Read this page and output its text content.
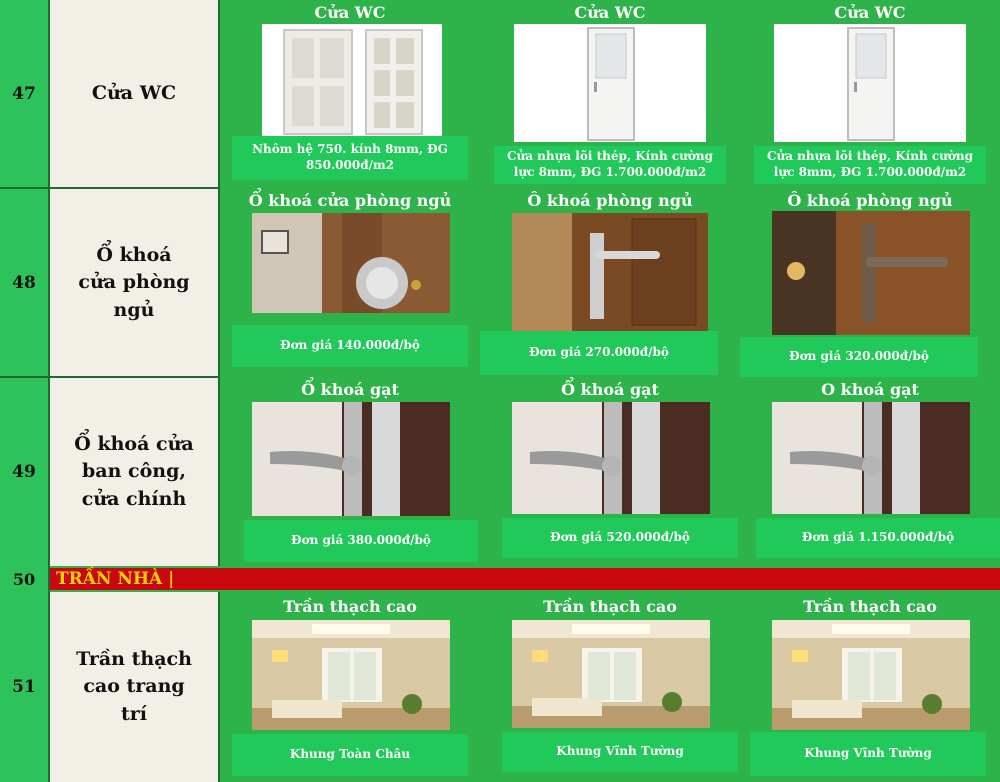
47	Cửa WC
Cửa WC
Nhôm hệ 750. kính 8mm, ĐG 850.000đ/m2
Cửa WC
Cửa nhựa lõi thép, Kính cường lực 8mm, ĐG 1.700.000đ/m2
Cửa WC
Cửa nhựa lõi thép, Kính cường lực 8mm, ĐG 1.700.000đ/m2
48
Ổ khoá cửa phòng ngủ
Ổ khoá cửa phòng ngủ
Đơn giá 140.000đ/bộ
Ô khoá phòng ngủ
Đơn giá 270.000đ/bộ
Ô khoá phòng ngủ
Đơn giá 320.000đ/bộ
49
Ổ khoá cửa ban công, cửa chính
Ổ khoá gạt
Đơn giá 380.000đ/bộ
Ổ khoá gạt
Đơn giá 520.000đ/bộ
O khoá gạt
Đơn giá 1.150.000đ/bộ
50	TRẦN NHÀ |
51
Trần thạch cao trang trí
Trần thạch cao
Khung Toàn Châu
Trần thạch cao
Khung Vĩnh Tường
Trần thạch cao
Khung Vĩnh Tường
